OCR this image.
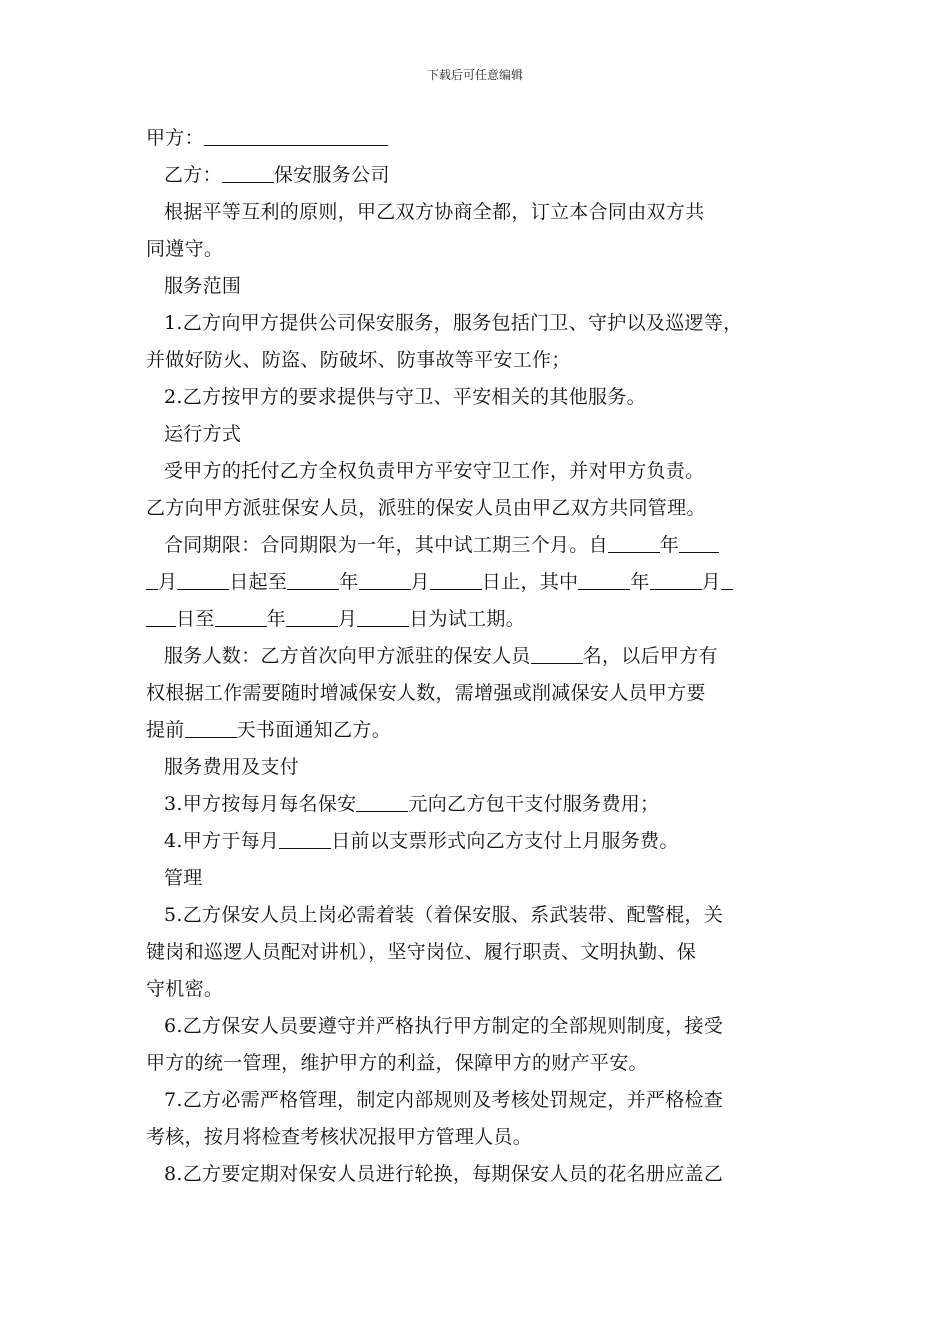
下载后可任意编辑

甲方：

乙方：	保安服务公司

根据平等互利的原则，甲乙双方协商全都，订立本合同由双方共

同遵守。

服务范围

1.乙方向甲方提供公司保安服务，服务包括门卫、守护以及巡逻等，

并做好防火、防盗、防破坏、防事故等平安工作；

2.乙方按甲方的要求提供与守卫、平安相关的其他服务。

运行方式

受甲方的托付乙方全权负责甲方平安守卫工作，并对甲方负责。

乙方向甲方派驻保安人员，派驻的保安人员由甲乙双方共同管理。

合同期限：合同期限为一年，其中试工期三个月。自	年

月	日起至	年	月	日止，其中	年	月

日至	年	月	日为试工期。

服务人数：乙方首次向甲方派驻的保安人员	名，以后甲方有

权根据工作需要随时增减保安人数，需增强或削减保安人员甲方要

提前	天书面通知乙方。

服务费用及支付

3.甲方按每月每名保安	元向乙方包干支付服务费用；

4.甲方于每月	日前以支票形式向乙方支付上月服务费。

管理

5.乙方保安人员上岗必需着装（着保安服、系武装带、配警棍，关

键岗和巡逻人员配对讲机），坚守岗位、履行职责、文明执勤、保

守机密。

6.乙方保安人员要遵守并严格执行甲方制定的全部规则制度，接受

甲方的统一管理，维护甲方的利益，保障甲方的财产平安。

7.乙方必需严格管理，制定内部规则及考核处罚规定，并严格检查

考核，按月将检查考核状况报甲方管理人员。

8.乙方要定期对保安人员进行轮换，每期保安人员的花名册应盖乙
